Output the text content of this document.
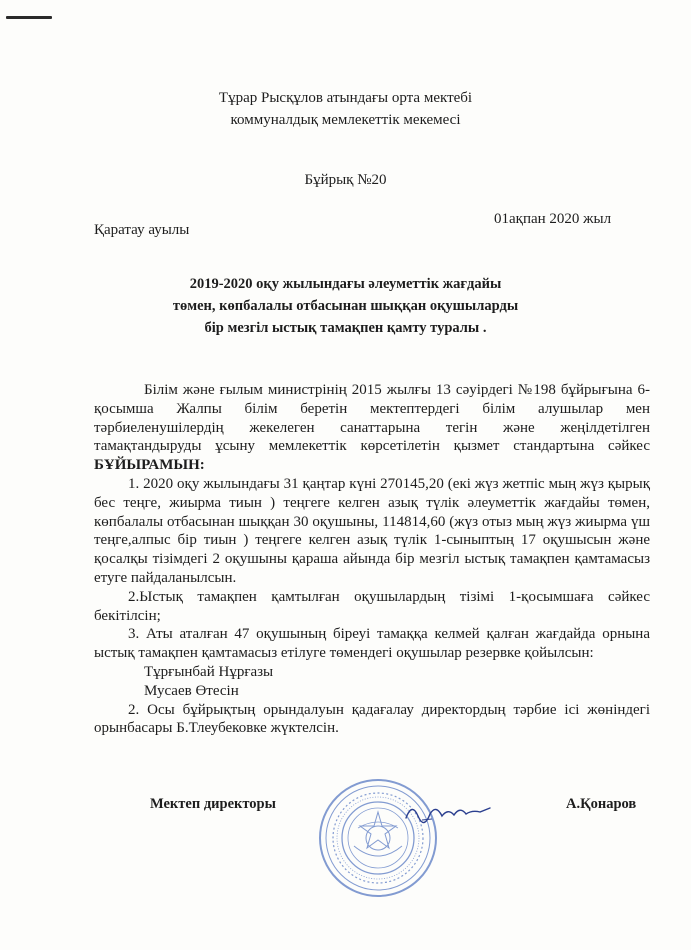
Тұрар Рысқұлов атындағы орта мектебі
коммуналдық мемлекеттік мекемесі
Бұйрық №20
Қаратау ауылы
01ақпан 2020 жыл
2019-2020 оқу жылындағы әлеуметтік жағдайы
төмен, көпбалалы отбасынан шыққан оқушыларды
бір мезгіл ыстық тамақпен қамту туралы .

Білім және ғылым министрінің 2015 жылғы 13 сәуірдегі №198 бұйрығына 6-қосымша Жалпы білім беретін мектептердегі білім алушылар мен тәрбиеленушілердің жекелеген санаттарына тегін және жеңілдетілген тамақтандыруды ұсыну мемлекеттік көрсетілетін қызмет стандартына сәйкес БҰЙЫРАМЫН:

1. 2020 оқу жылындағы 31 қаңтар күні 270145,20 (екі жүз жетпіс мың жүз қырық бес теңге, жиырма тиын ) теңгеге келген азық түлік әлеуметтік жағдайы төмен, көпбалалы отбасынан шыққан 30 оқушыны, 114814,60 (жүз отыз мың жүз жиырма үш теңге,алпыс бір тиын ) теңгеге келген азық түлік 1-сыныптың 17 оқушысын және қосалқы тізімдегі 2 оқушыны қараша айында бір мезгіл ыстық тамақпен қамтамасыз етуге пайдаланылсын.

2.Ыстық тамақпен қамтылған оқушылардың тізімі 1-қосымшаға сәйкес бекітілсін;

3. Аты аталған 47 оқушының біреуі тамаққа келмей қалған жағдайда орнына ыстық тамақпен қамтамасыз етілуге төмендегі оқушылар резервке қойылсын:

Тұрғынбай Нұрғазы

Мусаев Өтесін

2. Осы бұйрықтың орындалуын қадағалау директордың тәрбие ісі жөніндегі орынбасары Б.Тлеубековке жүктелсін.

Мектеп директоры	А.Қонаров
